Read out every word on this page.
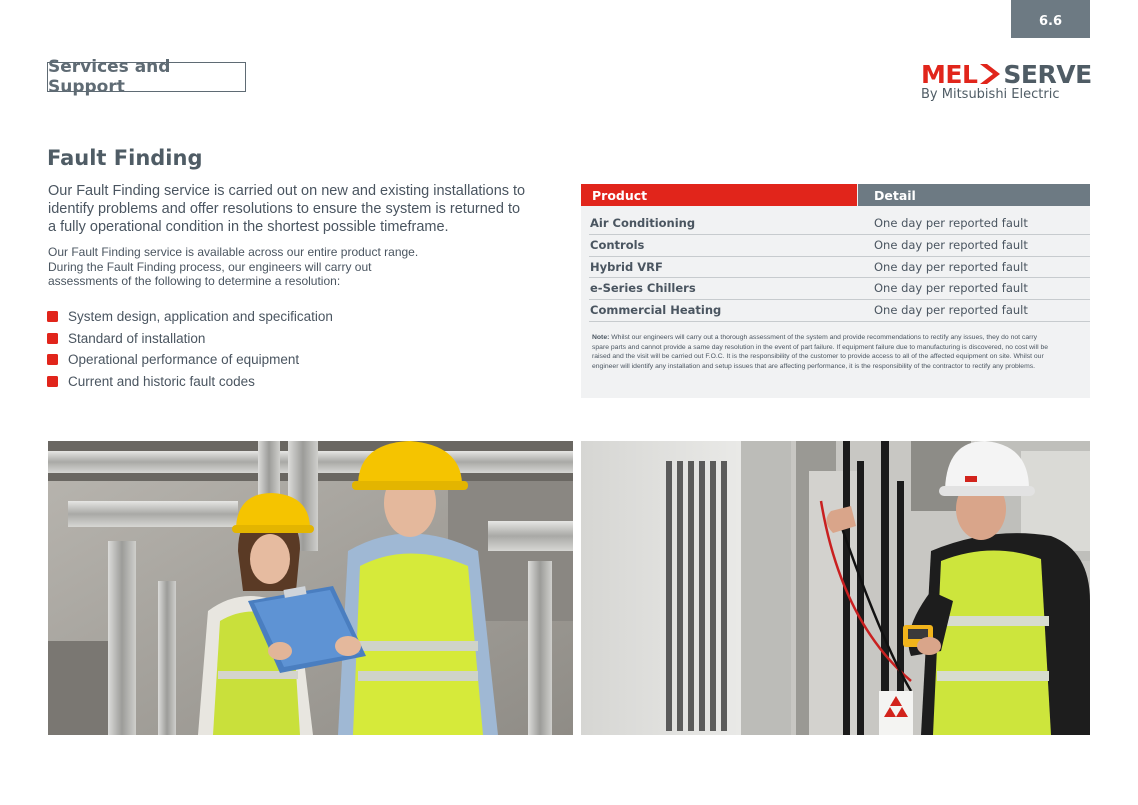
6.6
Services and Support	MEL SERVE
By Mitsubishi Electric
Fault Finding

Our Fault Finding service is carried out on new and existing installations to identify problems and offer resolutions to ensure the system is returned to a fully operational condition in the shortest possible timeframe.

Our Fault Finding service is available across our entire product range. During the Fault Finding process, our engineers will carry out assessments of the following to determine a resolution:

System design, application and specification
Standard of installation
Operational performance of equipment
Current and historic fault codes
Product	Detail
Air Conditioning	One day per reported fault
Controls	One day per reported fault
Hybrid VRF	One day per reported fault
e-Series Chillers	One day per reported fault
Commercial Heating	One day per reported fault

Note: Whilst our engineers will carry out a thorough assessment of the system and provide recommendations to rectify any issues, they do not carry spare parts and cannot provide a same day resolution in the event of part failure. If equipment failure due to manufacturing is discovered, no cost will be raised and the visit will be carried out F.O.C. It is the responsibility of the customer to provide access to all of the affected equipment on site. Whilst our engineer will identify any installation and setup issues that are affecting performance, it is the responsibility of the contractor to rectify any problems.
